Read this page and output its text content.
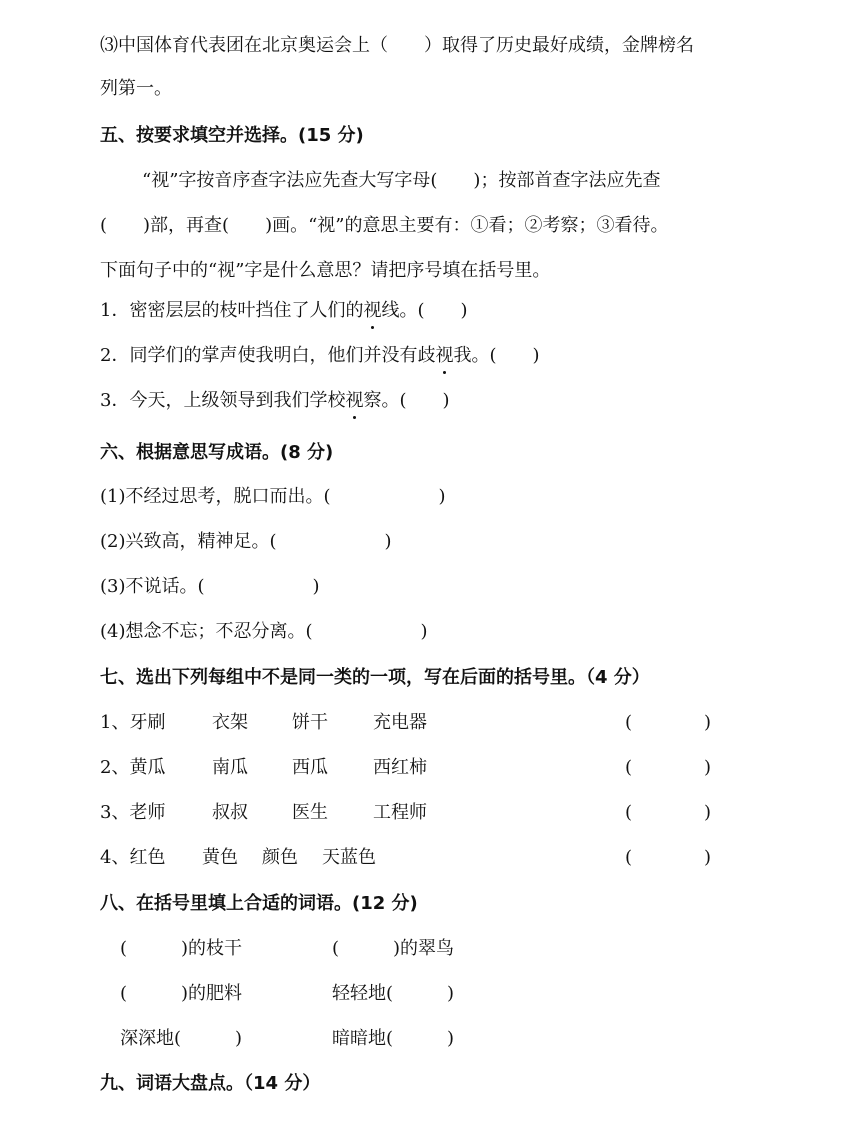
⑶中国体育代表团在北京奥运会上（　　）取得了历史最好成绩，金牌榜名
列第一。
五、按要求填空并选择。(15 分)
“视”字按音序查字法应先查大写字母(　　)；按部首查字法应先查
(　　)部，再查(　　)画。“视”的意思主要有：①看；②考察；③看待。
下面句子中的“视”字是什么意思？请把序号填在括号里。
1．密密层层的枝叶挡住了人们的视线。(　　)
2．同学们的掌声使我明白，他们并没有歧视我。(　　)
3．今天，上级领导到我们学校视察。(　　)
六、根据意思写成语。(8 分)
(1)不经过思考，脱口而出。(　　　　　　)
(2)兴致高，精神足。(　　　　　　)
(3)不说话。(　　　　　　)
(4)想念不忘；不忍分离。(　　　　　　)
七、选出下列每组中不是同一类的一项，写在后面的括号里。（4 分）
1、牙刷	衣架 饼干	充电器	(　　　　)
2、黄瓜	南瓜 西瓜	西红柿	(　　　　)
3、老师	叔叔 医生	工程师	(　　　　)
4、红色 黄色 颜色 天蓝色	(　　　　)
八、在括号里填上合适的词语。(12 分)
(　　　)的枝干	(　　　)的翠鸟
(　　　)的肥料	轻轻地(　　　)
深深地(　　　)	暗暗地(　　　)
九、词语大盘点。（14 分）
